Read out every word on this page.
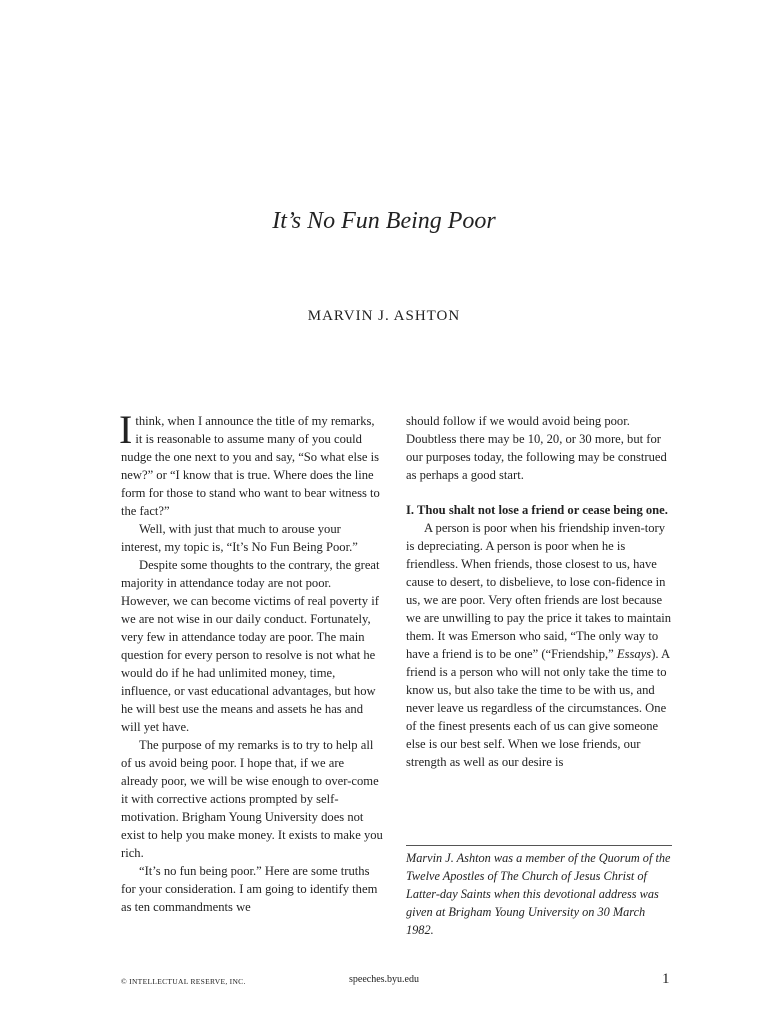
It’s No Fun Being Poor
MARVIN J. ASHTON

Ithink, when I announce the title of my remarks, it is reasonable to assume many of you could nudge the one next to you and say, “So what else is new?” or “I know that is true. Where does the line form for those to stand who want to bear witness to the fact?”

Well, with just that much to arouse your interest, my topic is, “It’s No Fun Being Poor.”

Despite some thoughts to the contrary, the great majority in attendance today are not poor. However, we can become victims of real poverty if we are not wise in our daily conduct. Fortunately, very few in attendance today are poor. The main question for every person to resolve is not what he would do if he had unlimited money, time, influence, or vast educational advantages, but how he will best use the means and assets he has and will yet have.

The purpose of my remarks is to try to help all of us avoid being poor. I hope that, if we are already poor, we will be wise enough to over-come it with corrective actions prompted by self-motivation. Brigham Young University does not exist to help you make money. It exists to make you rich.

“It’s no fun being poor.” Here are some truths for your consideration. I am going to identify them as ten commandments we

should follow if we would avoid being poor. Doubtless there may be 10, 20, or 30 more, but for our purposes today, the following may be construed as perhaps a good start.

I. Thou shalt not lose a friend or cease being one.

A person is poor when his friendship inven-tory is depreciating. A person is poor when he is friendless. When friends, those closest to us, have cause to desert, to disbelieve, to lose con-fidence in us, we are poor. Very often friends are lost because we are unwilling to pay the price it takes to maintain them. It was Emerson who said, “The only way to have a friend is to be one” (“Friendship,” Essays). A friend is a person who will not only take the time to know us, but also take the time to be with us, and never leave us regardless of the circumstances. One of the finest presents each of us can give someone else is our best self. When we lose friends, our strength as well as our desire is

Marvin J. Ashton was a member of the Quorum of the Twelve Apostles of The Church of Jesus Christ of Latter-day Saints when this devotional address was given at Brigham Young University on 30 March 1982.
© INTELLECTUAL RESERVE, INC.	speeches.byu.edu	1
